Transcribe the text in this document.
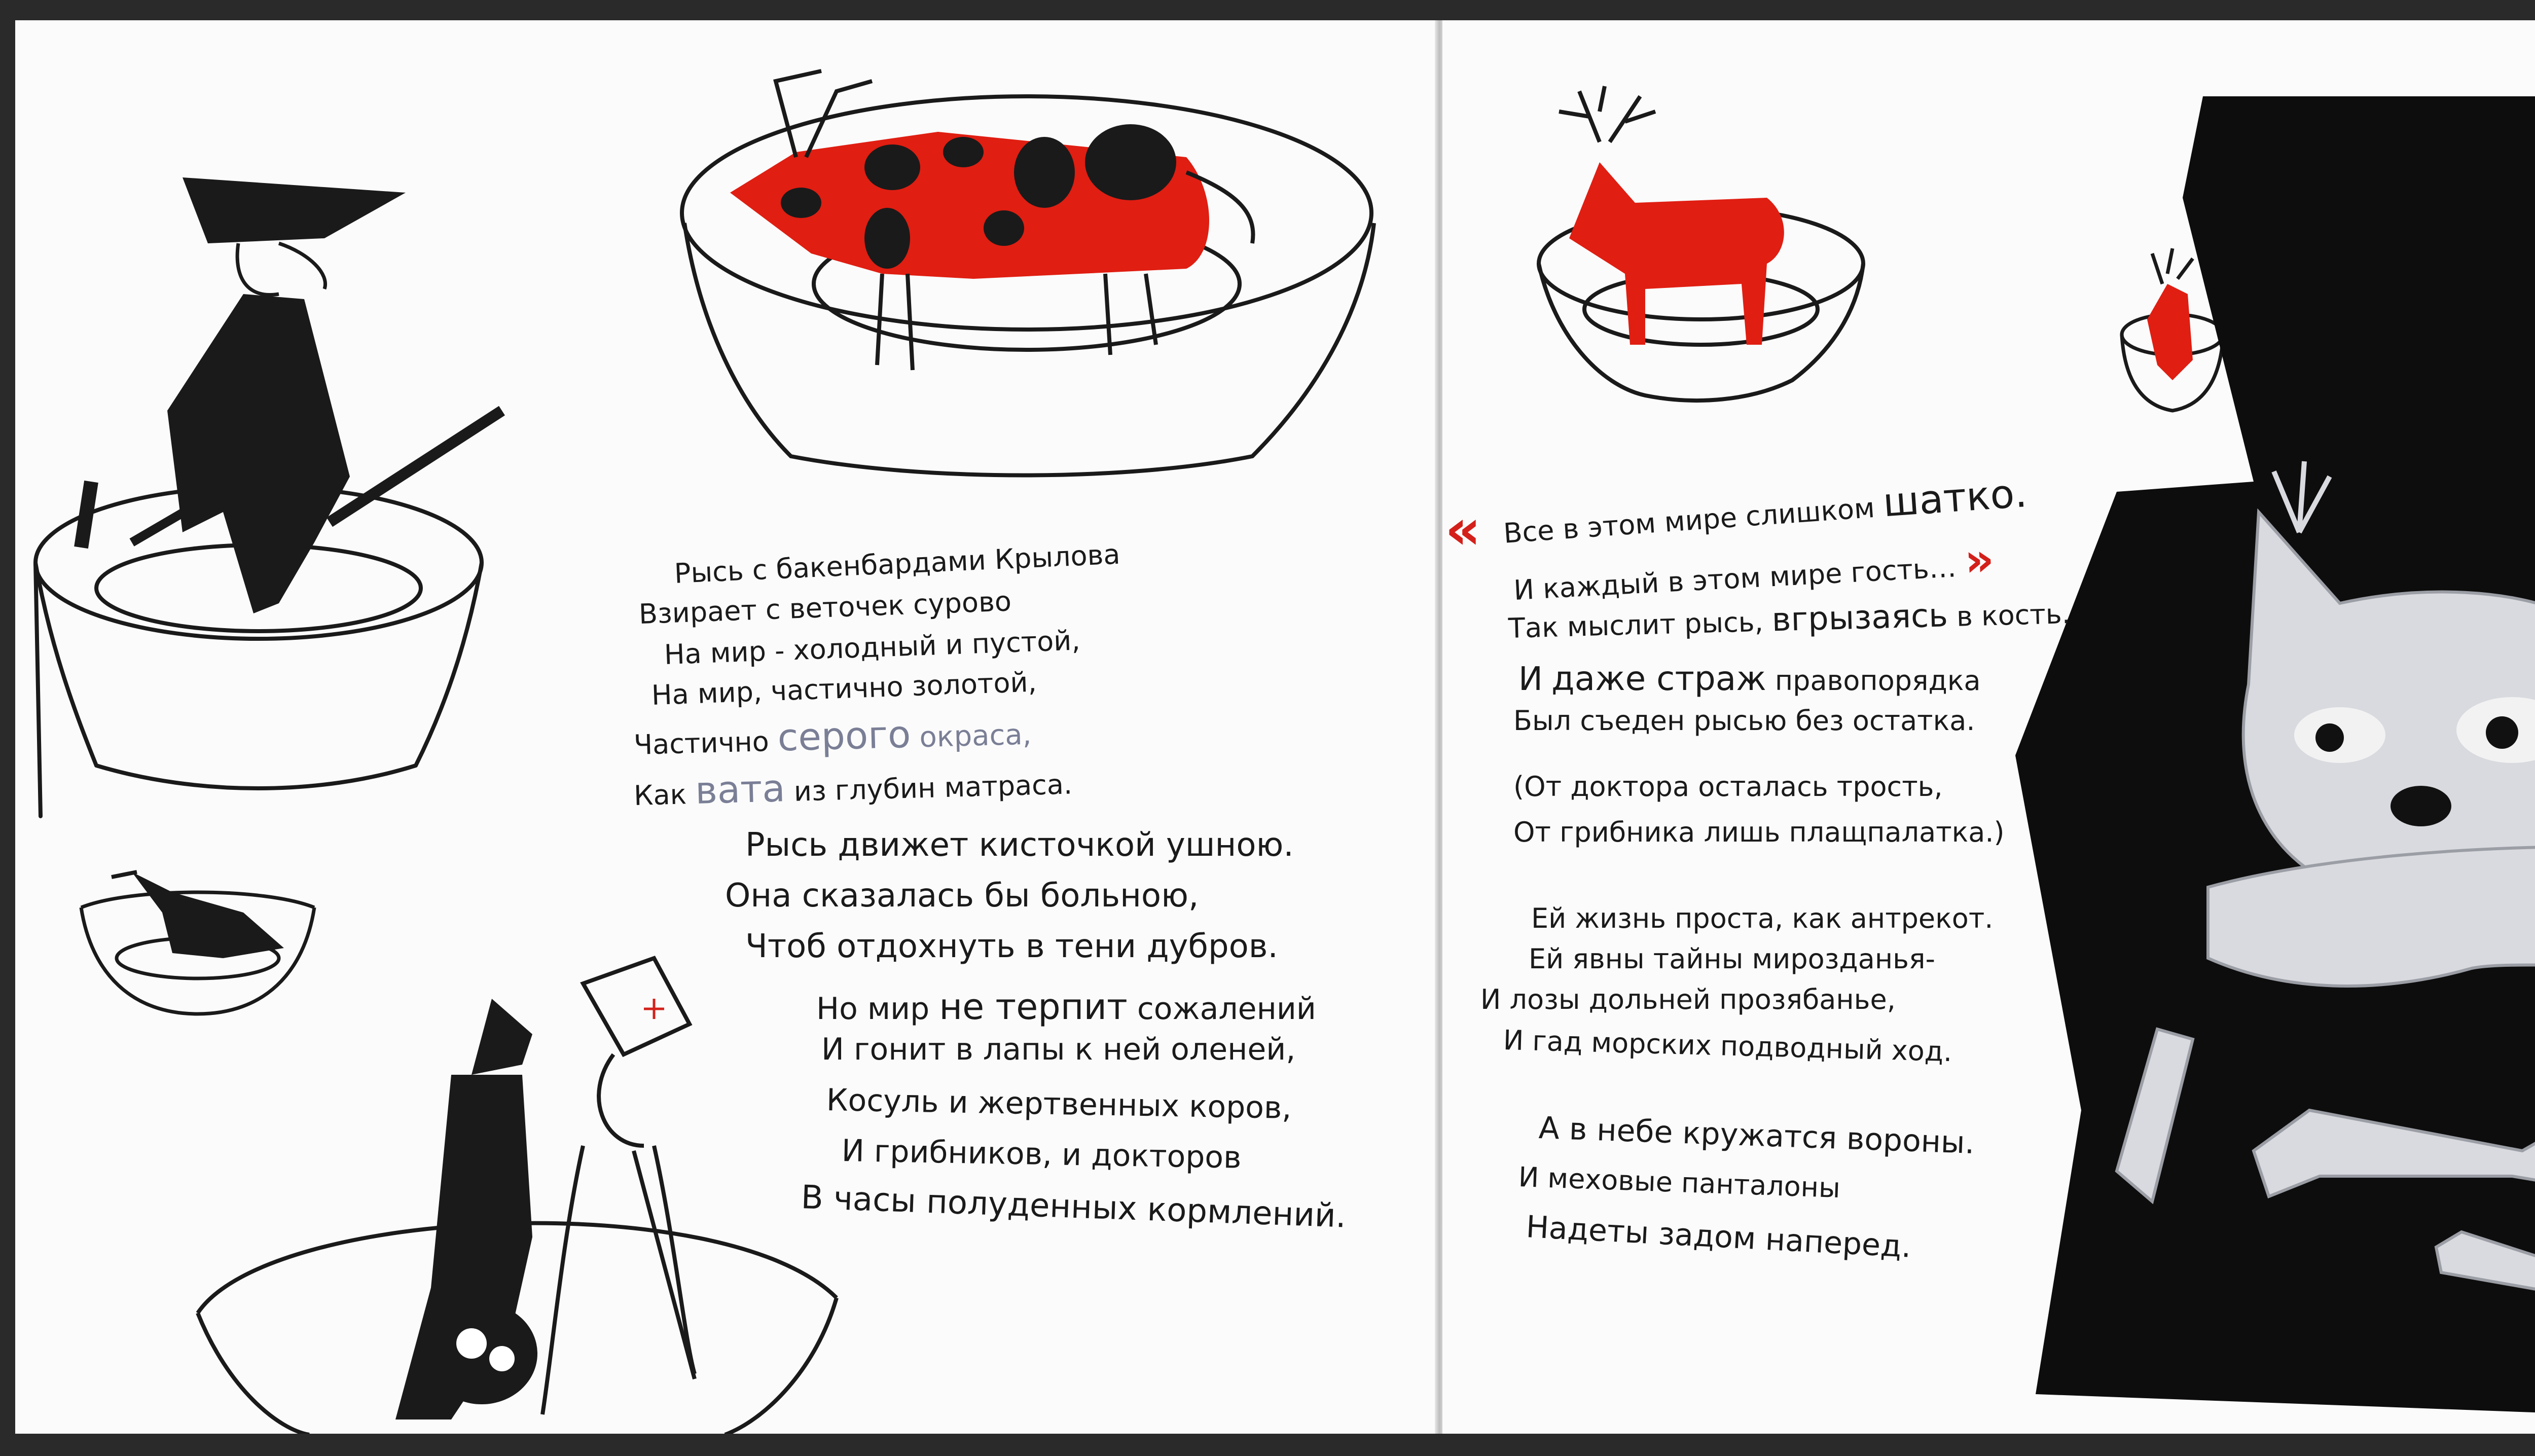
Рысь с бакенбардами Крылова
Взирает с веточек сурово
На мир - холодный и пустой,
На мир, частично золотой,
Частично серого окраса,
Как вата из глубин матраса.
Рысь движет кисточкой ушною.
Она сказалась бы больною,
Чтоб отдохнуть в тени дубров.
Но мир не терпит сожалений
И гонит в лапы к ней оленей,
Косуль и жертвенных коров,
И грибников, и докторов
В часы полуденных кормлений.
« Все в этом мире слишком шатко.
И каждый в этом мире гость… »
Так мыслит рысь, вгрызаясь в кость.
И даже страж правопорядка
Был съеден рысью без остатка.
(От доктора осталась трость,
От грибника лишь плащпалатка.)
Ей жизнь проста, как антрекот.
Ей явны тайны мирозданья-
И лозы дольней прозябанье,
И гад морских подводный ход.
А в небе кружатся вороны.
И меховые панталоны
Надеты задом наперед.
